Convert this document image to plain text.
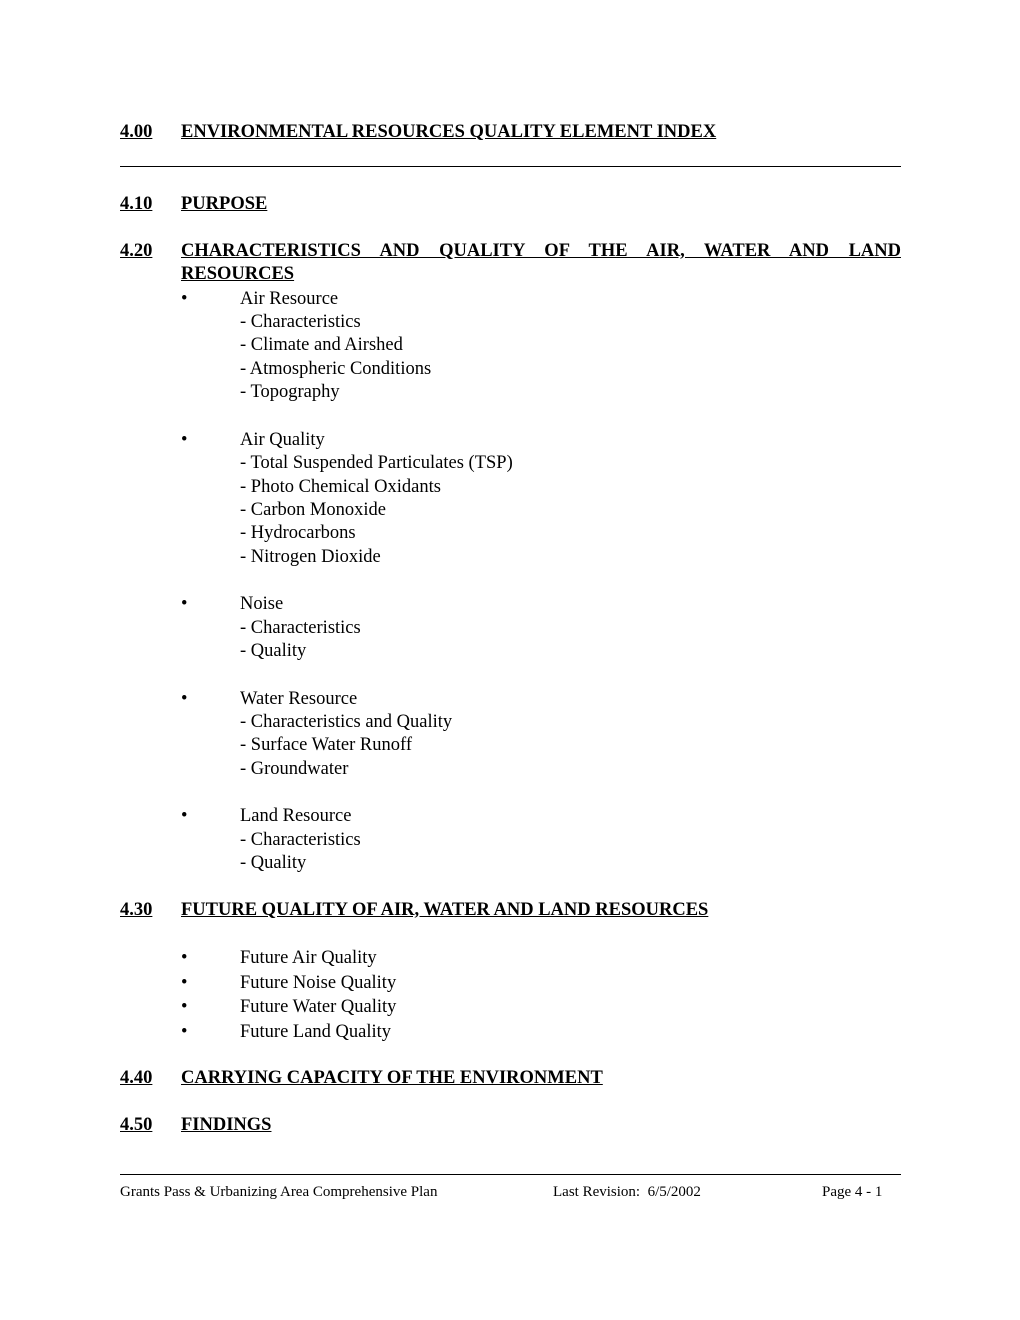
4.00 ENVIRONMENTAL RESOURCES QUALITY ELEMENT INDEX
4.10 PURPOSE
4.20 CHARACTERISTICS AND QUALITY OF THE AIR, WATER AND LAND
RESOURCES
•	Air Resource
- Characteristics
- Climate and Airshed
- Atmospheric Conditions
- Topography
•	Air Quality
- Total Suspended Particulates (TSP)
- Photo Chemical Oxidants
- Carbon Monoxide
- Hydrocarbons
- Nitrogen Dioxide
•	Noise
- Characteristics
- Quality
•	Water Resource
- Characteristics and Quality
- Surface Water Runoff
- Groundwater
•	Land Resource
- Characteristics
- Quality
4.30 FUTURE QUALITY OF AIR, WATER AND LAND RESOURCES
•	Future Air Quality
•	Future Noise Quality
•	Future Water Quality
•	Future Land Quality
4.40 CARRYING CAPACITY OF THE ENVIRONMENT
4.50 FINDINGS
Grants Pass & Urbanizing Area Comprehensive Plan	Last Revision:  6/5/2002	Page 4 - 1
